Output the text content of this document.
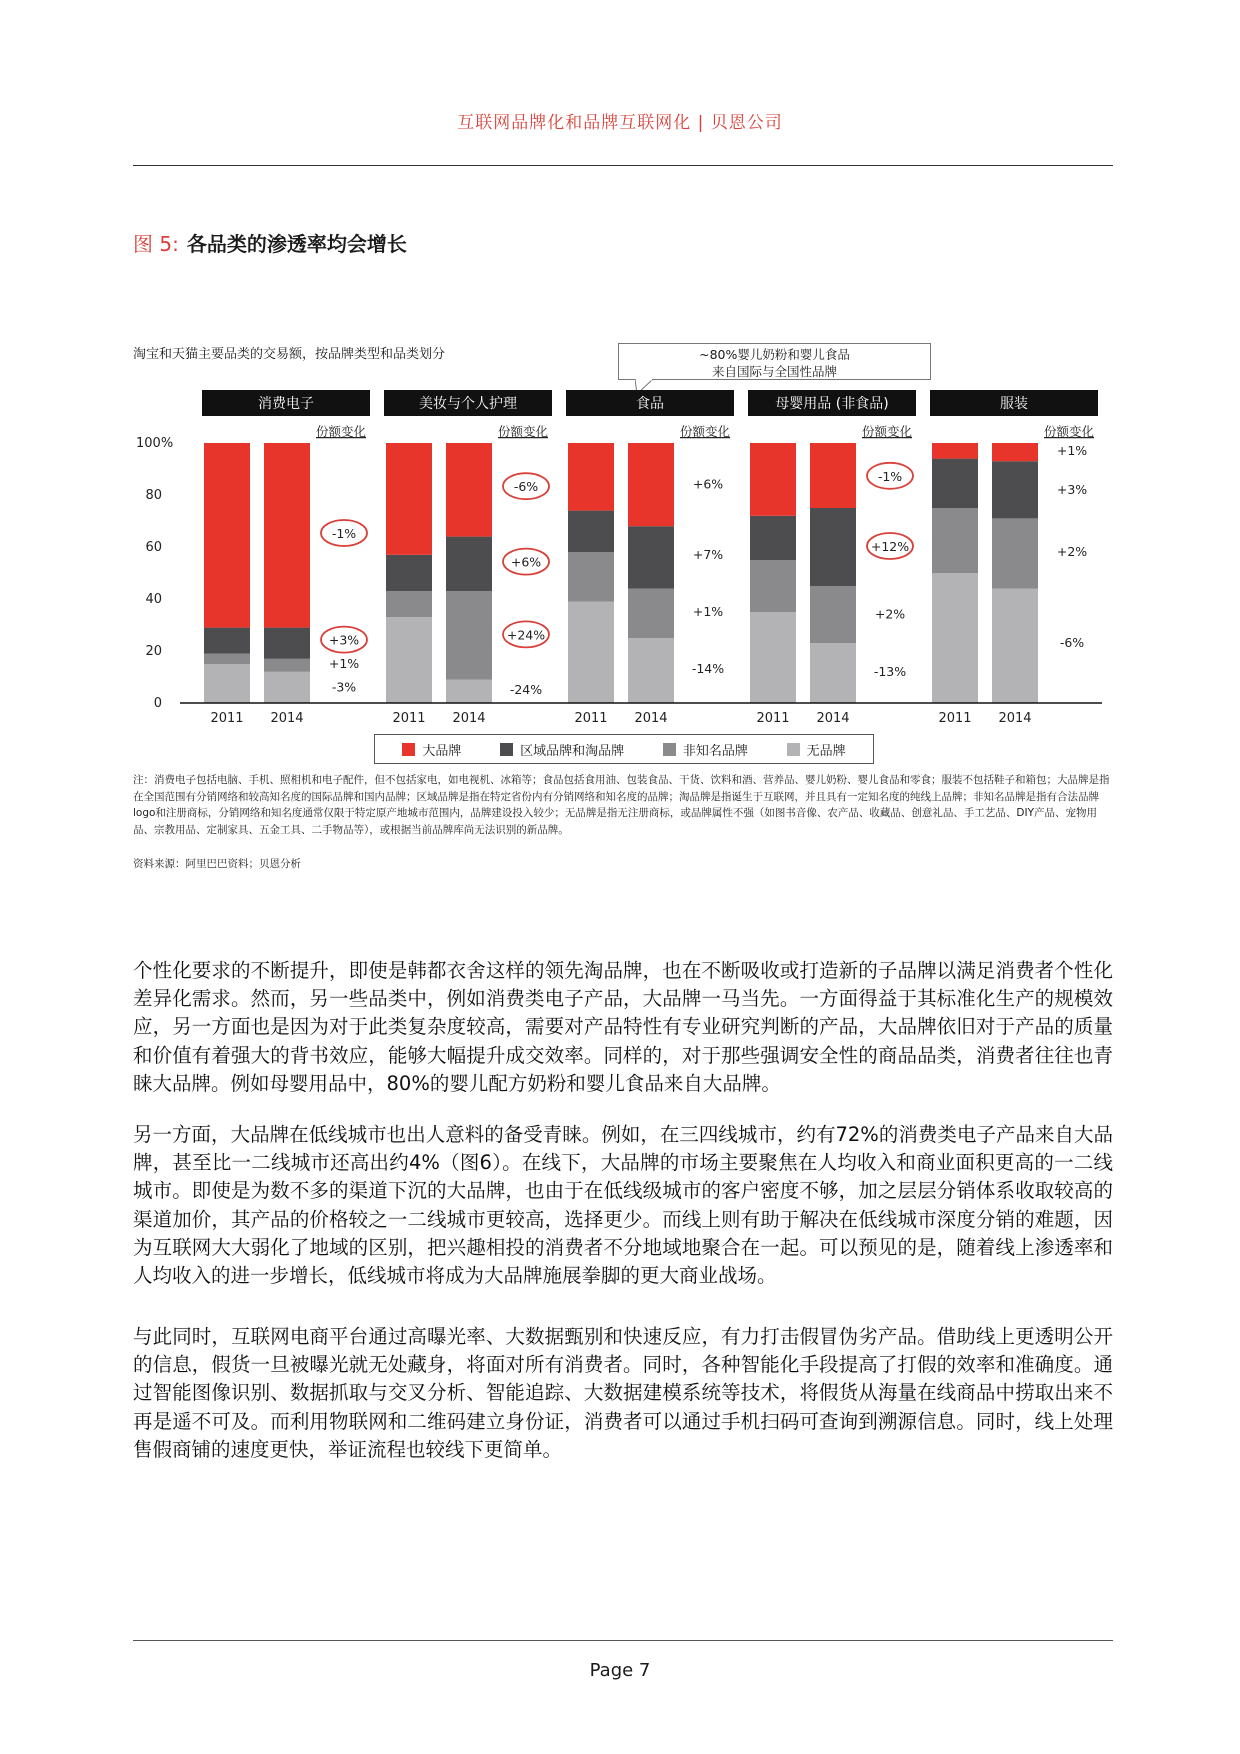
互联网品牌化和品牌互联网化 | 贝恩公司
图 5: 各品类的渗透率均会增长
淘宝和天猫主要品类的交易额，按品牌类型和品类划分	~80%婴儿奶粉和婴儿食品
来自国际与全国性品牌
100%
80
60
40
20
0
消费电子
份额变化
2011 2014
-1%
+3%
+1%
-3%
美妆与个人护理
份额变化
2011 2014
-6%
+6%
+24%
-24%
食品
份额变化
2011 2014
+6%
+7%
+1%
-14%
母婴用品 (非食品)
份额变化
2011 2014
-1%
+12%
+2%
-13%
服装
份额变化
2011 2014
+1%
+3%
+2%
-6%
大品牌	区域品牌和淘品牌	非知名品牌	无品牌
注：消费电子包括电脑、手机、照相机和电子配件，但不包括家电，如电视机、冰箱等；食品包括食用油、包装食品、干货、饮料和酒、营养品、婴儿奶粉、婴儿食品和零食；服装不包括鞋子和箱包；大品牌是指在全国范围有分销网络和较高知名度的国际品牌和国内品牌；区域品牌是指在特定省份内有分销网络和知名度的品牌；淘品牌是指诞生于互联网，并且具有一定知名度的纯线上品牌；非知名品牌是指有合法品牌logo和注册商标，分销网络和知名度通常仅限于特定原产地城市范围内，品牌建设投入较少；无品牌是指无注册商标，或品牌属性不强（如图书音像、农产品、收藏品、创意礼品、手工艺品、DIY产品、宠物用品、宗教用品、定制家具、五金工具、二手物品等），或根据当前品牌库尚无法识别的新品牌。
资料来源：阿里巴巴资料；贝恩分析
个性化要求的不断提升，即使是韩都衣舍这样的领先淘品牌，也在不断吸收或打造新的子品牌以满足消费者个性化差异化需求。然而，另一些品类中，例如消费类电子产品，大品牌一马当先。一方面得益于其标准化生产的规模效应，另一方面也是因为对于此类复杂度较高，需要对产品特性有专业研究判断的产品，大品牌依旧对于产品的质量和价值有着强大的背书效应，能够大幅提升成交效率。同样的，对于那些强调安全性的商品品类，消费者往往也青睐大品牌。例如母婴用品中，80%的婴儿配方奶粉和婴儿食品来自大品牌。
另一方面，大品牌在低线城市也出人意料的备受青睐。例如，在三四线城市，约有72%的消费类电子产品来自大品牌，甚至比一二线城市还高出约4%（图6）。在线下，大品牌的市场主要聚焦在人均收入和商业面积更高的一二线城市。即使是为数不多的渠道下沉的大品牌，也由于在低线级城市的客户密度不够，加之层层分销体系收取较高的渠道加价，其产品的价格较之一二线城市更较高，选择更少。而线上则有助于解决在低线城市深度分销的难题，因为互联网大大弱化了地域的区别，把兴趣相投的消费者不分地域地聚合在一起。可以预见的是，随着线上渗透率和人均收入的进一步增长，低线城市将成为大品牌施展拳脚的更大商业战场。
与此同时，互联网电商平台通过高曝光率、大数据甄别和快速反应，有力打击假冒伪劣产品。借助线上更透明公开的信息，假货一旦被曝光就无处藏身，将面对所有消费者。同时，各种智能化手段提高了打假的效率和准确度。通过智能图像识别、数据抓取与交叉分析、智能追踪、大数据建模系统等技术，将假货从海量在线商品中捞取出来不再是遥不可及。而利用物联网和二维码建立身份证，消费者可以通过手机扫码可查询到溯源信息。同时，线上处理售假商铺的速度更快，举证流程也较线下更简单。
Page 7
